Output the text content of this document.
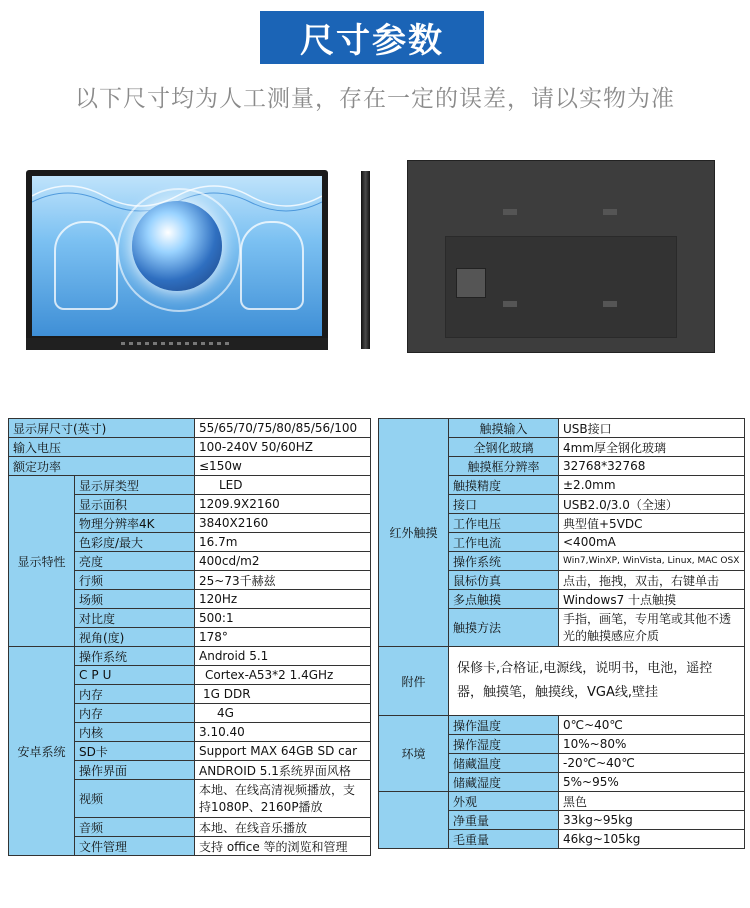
尺寸参数
以下尺寸均为人工测量，存在一定的误差，请以实物为准
显示屏尺寸(英寸)		55/65/70/75/80/85/56/100
输入电压		100-240V 50/60HZ
额定功率		≤150w
显示特性	显示屏类型	LED
	显示面积	1209.9X2160
	物理分辨率4K	3840X2160
	色彩度/最大	16.7m
	亮度	400cd/m2
	行频	25~73千赫兹
	场频	120Hz
	对比度	500:1
	视角(度)	178°
安卓系统	操作系统	Android 5.1
	CPU	Cortex-A53*2 1.4GHz
	内存	1G DDR
	内存	4G
	内核	3.10.40
	SD卡	Support MAX 64GB SD car
	操作界面	ANDROID 5.1系统界面风格
	视频	本地、在线高清视频播放，支持1080P、2160P播放
	音频	本地、在线音乐播放
	文件管理	支持 office 等的浏览和管理
红外触摸	触摸输入	USB接口
	全钢化玻璃	4mm厚全钢化玻璃
	触摸框分辨率	32768*32768
	触摸精度	±2.0mm
	接口	USB2.0/3.0（全速）
	工作电压	典型值+5VDC
	工作电流	<400mA
	操作系统	Win7,WinXP, WinVista, Linux, MAC OSX
	鼠标仿真	点击，拖拽，双击，右键单击
	多点触摸	Windows7 十点触摸
	触摸方法	手指，画笔，专用笔或其他不透光的触摸感应介质
附件	保修卡,合格证,电源线，说明书，电池，遥控器，触摸笔，触摸线，VGA线,壁挂	
环境	操作温度	0℃~40℃
	操作湿度	10%~80%
	储藏温度	-20℃~40℃
	储藏湿度	5%~95%
	外观	黑色
	净重量	33kg~95kg
	毛重量	46kg~105kg
